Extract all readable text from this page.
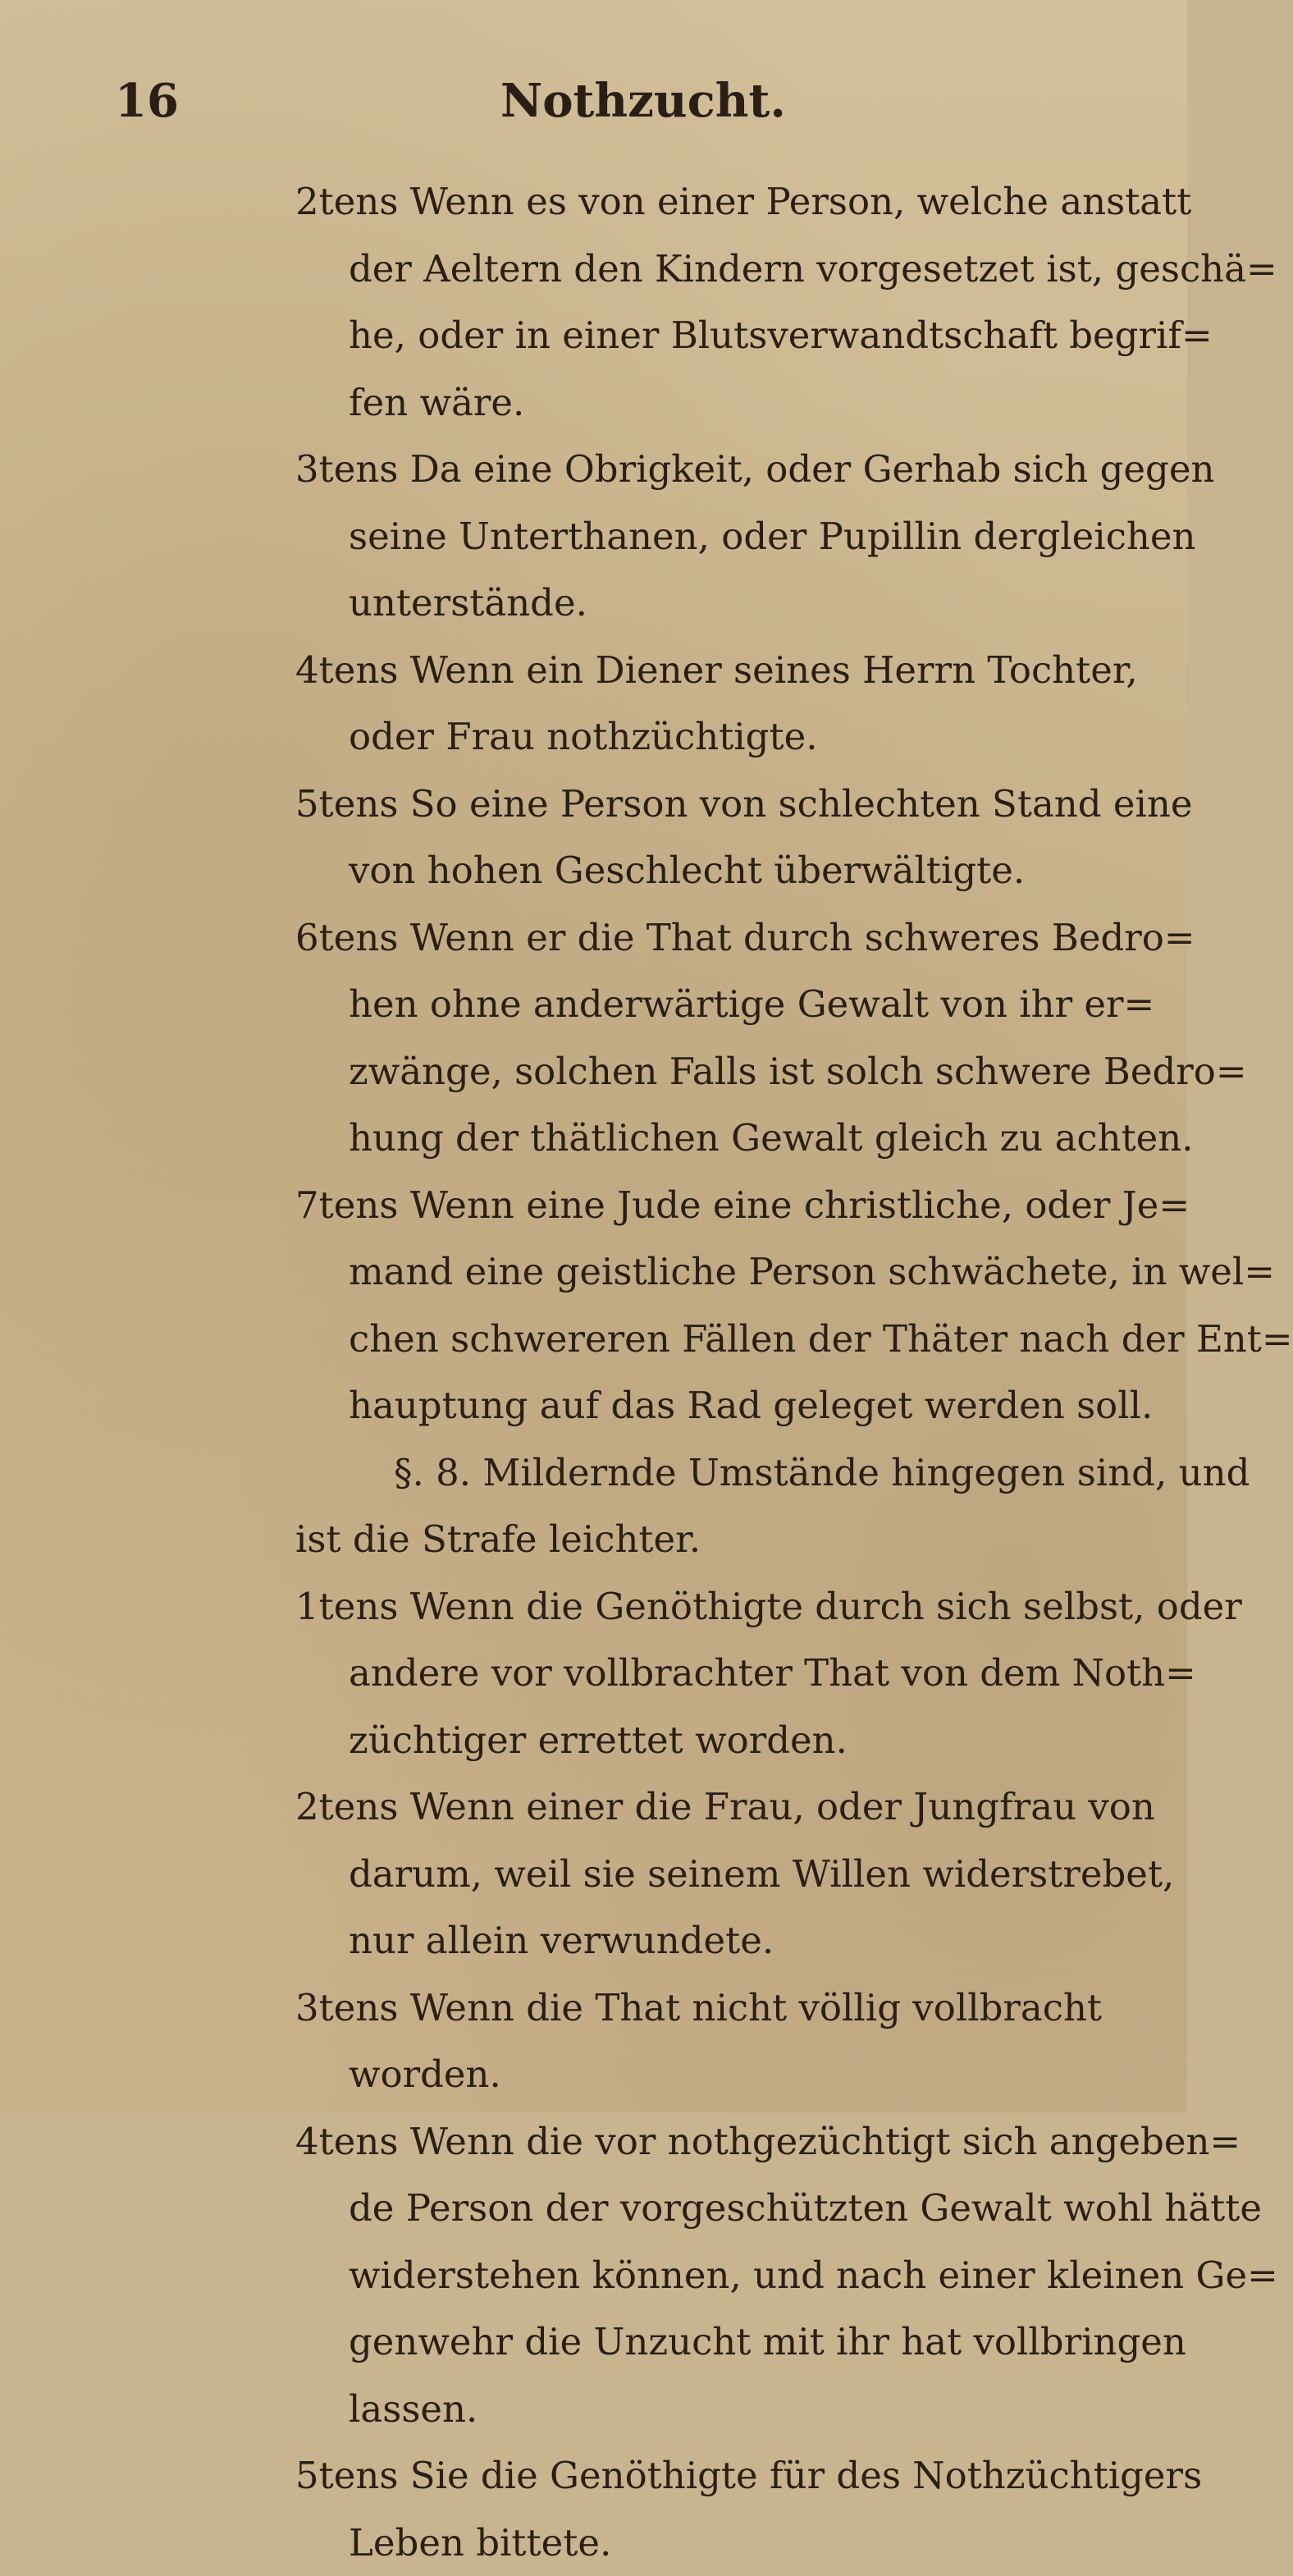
16	Nothzucht.
2tens Wenn es von einer Person, welche anstatt
der Aeltern den Kindern vorgesetzet ist, geschä=
he, oder in einer Blutsverwandtschaft begrif=
fen wäre.
3tens Da eine Obrigkeit, oder Gerhab sich gegen
seine Unterthanen, oder Pupillin dergleichen
unterstände.
4tens Wenn ein Diener seines Herrn Tochter,
oder Frau nothzüchtigte.
5tens So eine Person von schlechten Stand eine
von hohen Geschlecht überwältigte.
6tens Wenn er die That durch schweres Bedro=
hen ohne anderwärtige Gewalt von ihr er=
zwänge, solchen Falls ist solch schwere Bedro=
hung der thätlichen Gewalt gleich zu achten.
7tens Wenn eine Jude eine christliche, oder Je=
mand eine geistliche Person schwächete, in wel=
chen schwereren Fällen der Thäter nach der Ent=
hauptung auf das Rad geleget werden soll.
§. 8. Mildernde Umstände hingegen sind, und
ist die Strafe leichter.
1tens Wenn die Genöthigte durch sich selbst, oder
andere vor vollbrachter That von dem Noth=
züchtiger errettet worden.
2tens Wenn einer die Frau, oder Jungfrau von
darum, weil sie seinem Willen widerstrebet,
nur allein verwundete.
3tens Wenn die That nicht völlig vollbracht
worden.
4tens Wenn die vor nothgezüchtigt sich angeben=
de Person der vorgeschützten Gewalt wohl hätte
widerstehen können, und nach einer kleinen Ge=
genwehr die Unzucht mit ihr hat vollbringen
lassen.
5tens Sie die Genöthigte für des Nothzüchtigers
Leben bittete.
